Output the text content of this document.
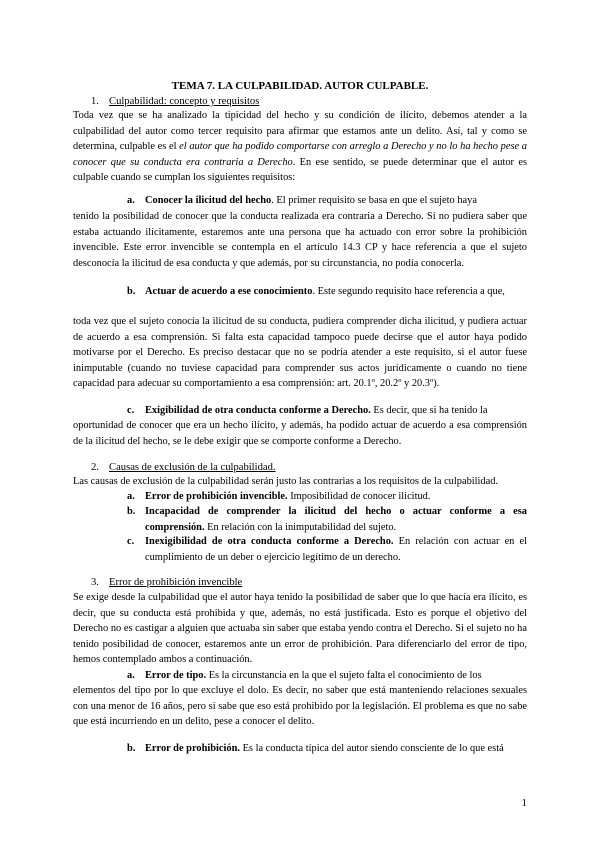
TEMA 7. LA CULPABILIDAD. AUTOR CULPABLE.
1. Culpabilidad: concepto y requisitos

Toda vez que se ha analizado la tipicidad del hecho y su condición de ilícito, debemos atender a la culpabilidad del autor como tercer requisito para afirmar que estamos ante un delito. Así, tal y como se determina, culpable es el el autor que ha podido comportarse con arreglo a Derecho y no lo ha hecho pese a conocer que su conducta era contraria a Derecho. En ese sentido, se puede determinar que el autor es culpable cuando se cumplan los siguientes requisitos:

a. Conocer la ilicitud del hecho. El primer requisito se basa en que el sujeto haya

tenido la posibilidad de conocer que la conducta realizada era contraria a Derecho. Si no pudiera saber que estaba actuando ilícitamente, estaremos ante una persona que ha actuado con error sobre la prohibición invencible. Este error invencible se contempla en el artículo 14.3 CP y hace referencia a que el sujeto desconocía la ilicitud de esa conducta y que además, por su circunstancia, no podía conocerla.

b. Actuar de acuerdo a ese conocimiento. Este segundo requisito hace referencia a que,

toda vez que el sujeto conocía la ilicitud de su conducta, pudiera comprender dicha ilicitud, y pudiera actuar de acuerdo a esa comprensión. Si falta esta capacidad tampoco puede decirse que el autor haya podido motivarse por el Derecho. Es preciso destacar que no se podría atender a este requisito, si el autor fuese inimputable (cuando no tuviese capacidad para comprender sus actos jurídicamente o cuando no tiene capacidad para adecuar su comportamiento a esa comprensión: art. 20.1º, 20.2º y 20.3º).

c. Exigibilidad de otra conducta conforme a Derecho. Es decir, que si ha tenido la

oportunidad de conocer que era un hecho ilícito, y además, ha podido actuar de acuerdo a esa comprensión de la ilicitud del hecho, se le debe exigir que se comporte conforme a Derecho.

2. Causas de exclusión de la culpabilidad.

Las causas de exclusión de la culpabilidad serán justo las contrarias a los requisitos de la culpabilidad.

a. Error de prohibición invencible. Imposibilidad de conocer ilicitud.

b. Incapacidad de comprender la ilicitud del hecho o actuar conforme a esa comprensión. En relación con la inimputabilidad del sujeto.

c. Inexigibilidad de otra conducta conforme a Derecho. En relación con actuar en el cumplimiento de un deber o ejercicio legítimo de un derecho.

3. Error de prohibición invencible

Se exige desde la culpabilidad que el autor haya tenido la posibilidad de saber que lo que hacía era ilícito, es decir, que su conducta está prohibida y que, además, no está justificada. Esto es porque el objetivo del Derecho no es castigar a alguien que actuaba sin saber que estaba yendo contra el Derecho. Si el sujeto no ha tenido posibilidad de conocer, estaremos ante un error de prohibición. Para diferenciarlo del error de tipo, hemos contemplado ambos a continuación.

a. Error de tipo. Es la circunstancia en la que el sujeto falta el conocimiento de los

elementos del tipo por lo que excluye el dolo. Es decir, no saber que está manteniendo relaciones sexuales con una menor de 16 años, pero sí sabe que eso está prohibido por la legislación. El problema es que no sabe que está incurriendo en un delito, pese a conocer el delito.

b. Error de prohibición. Es la conducta típica del autor siendo consciente de lo que está

1
